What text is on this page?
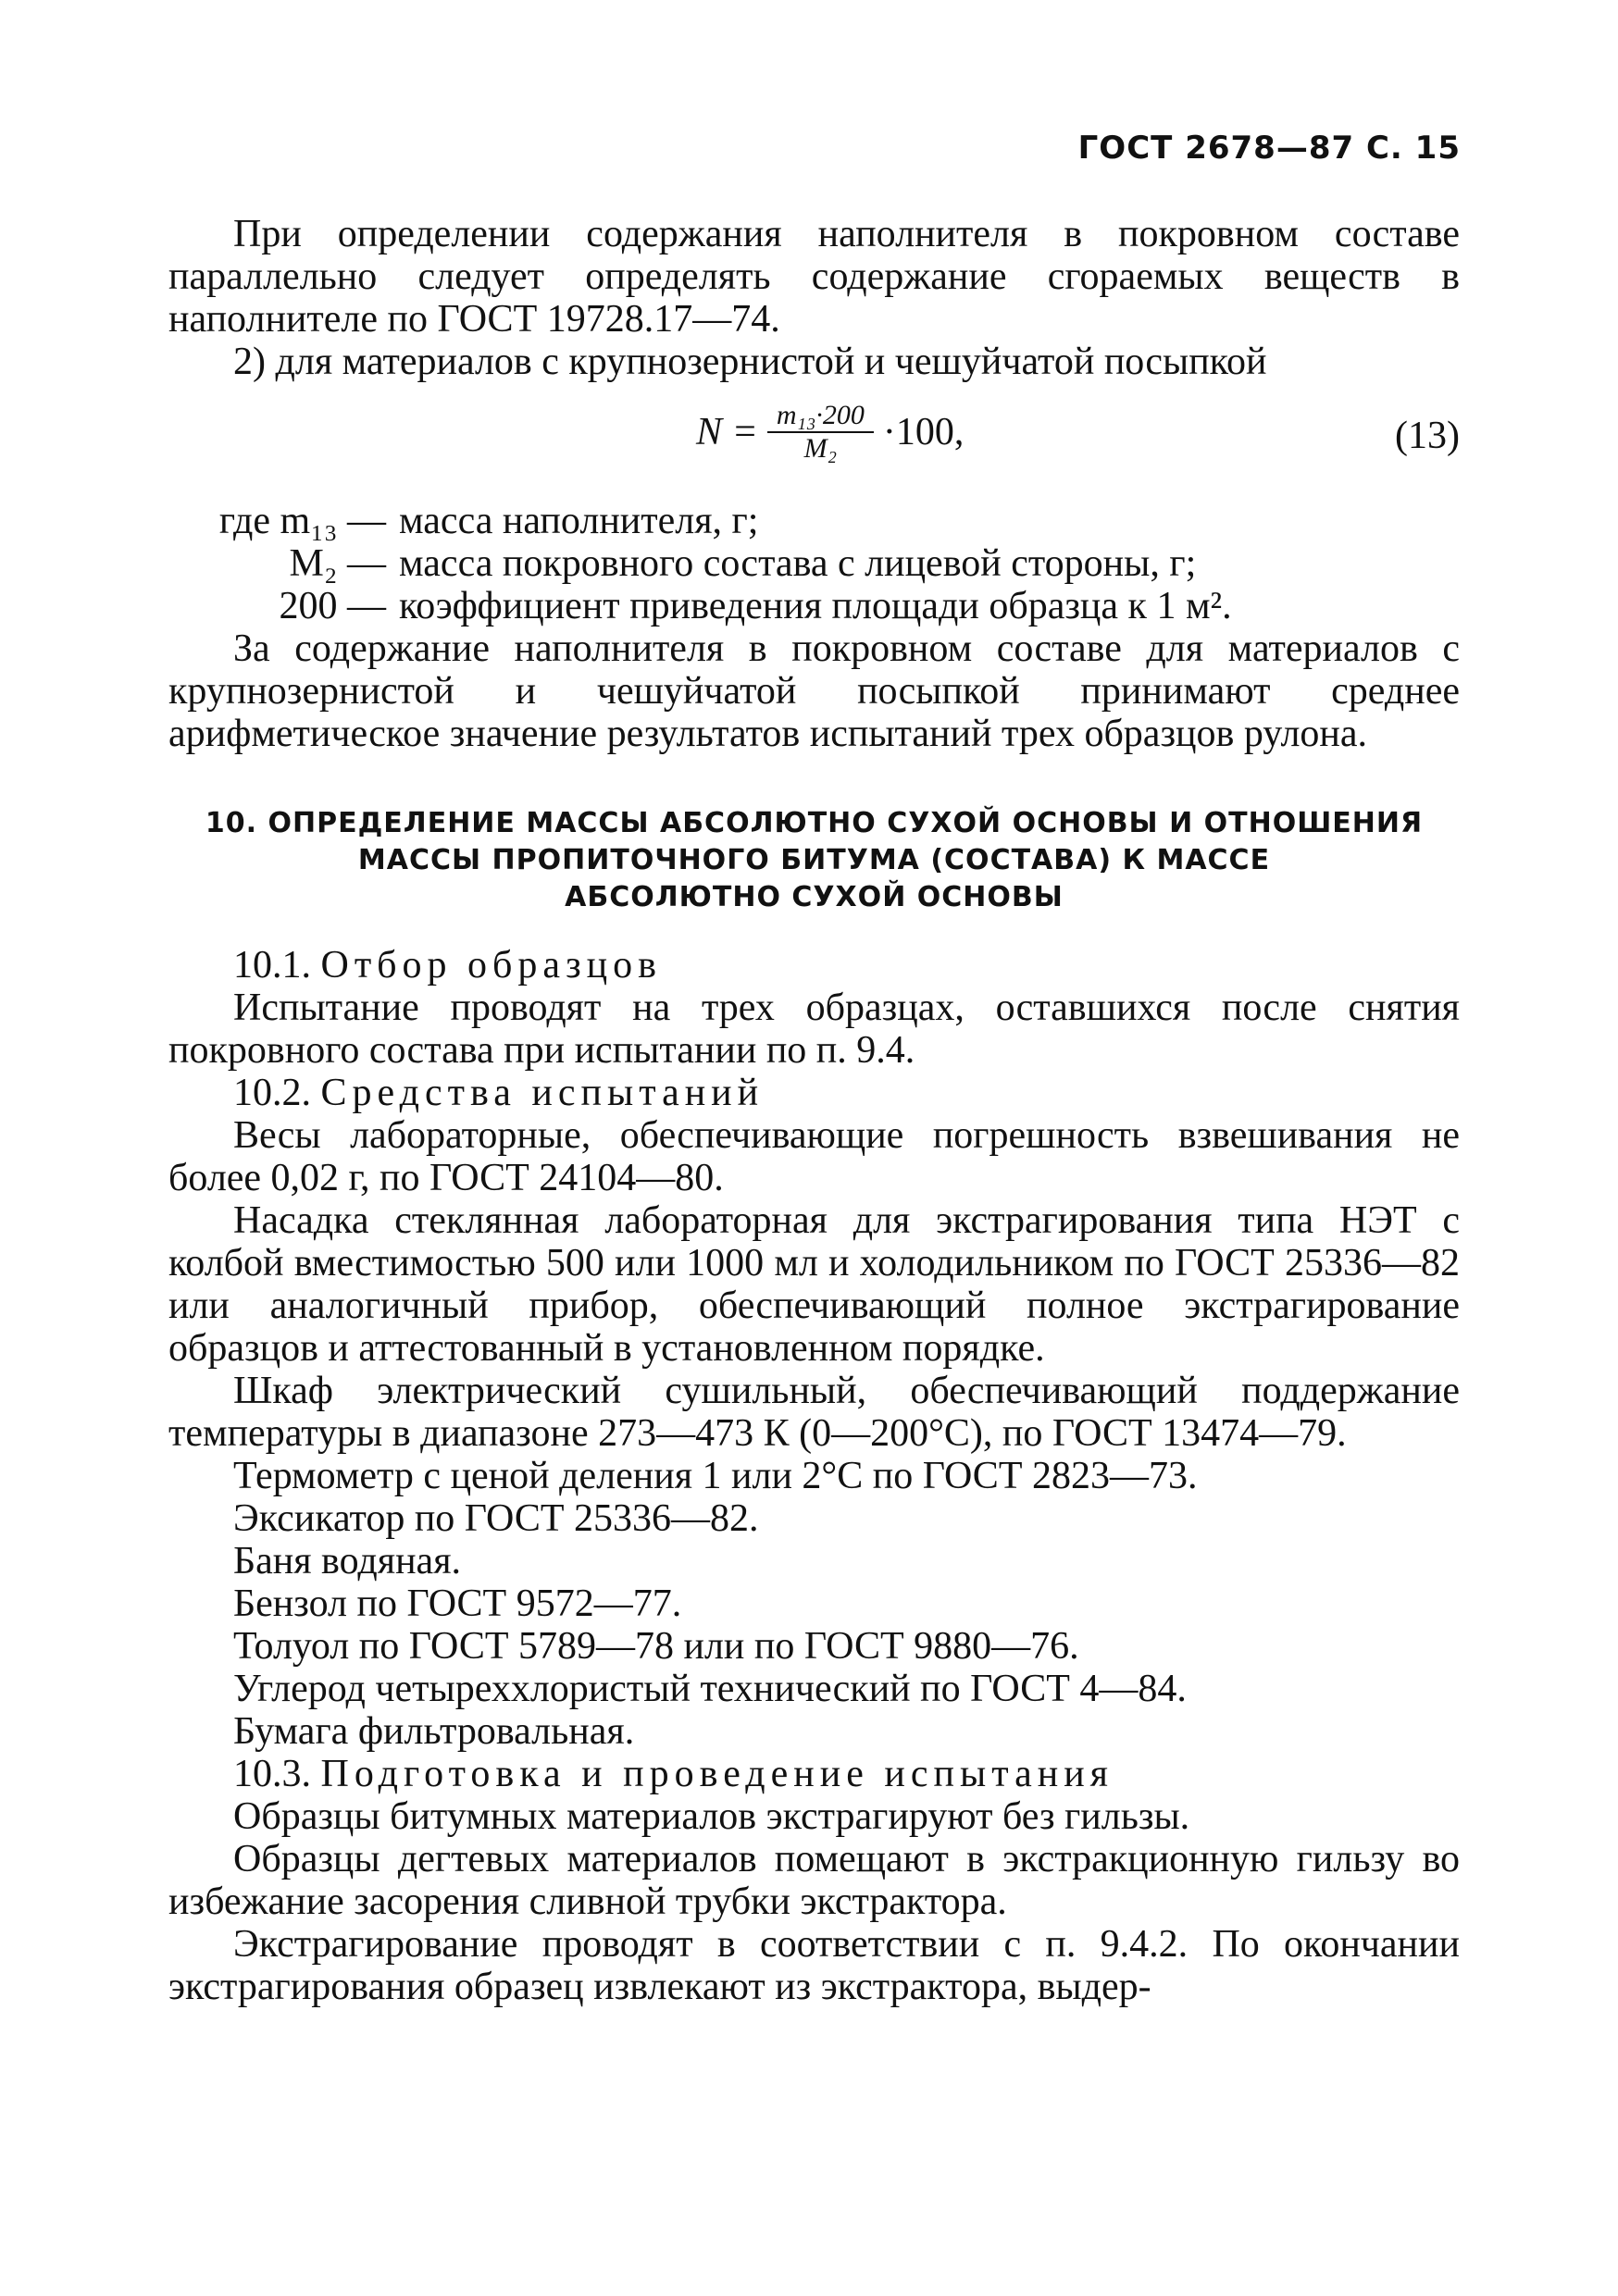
ГОСТ 2678—87 С. 15

При определении содержания наполнителя в покровном составе параллельно следует определять содержание сгораемых веществ в наполнителе по ГОСТ 19728.17—74.

2) для материалов с крупнозернистой и чешуйчатой посыпкой

$N = \frac{\text{m₁₃·200}}{\text{M₂}} \cdot 100$,	(13)
где m₁₃ — масса наполнителя, г;
M₂ — масса покровного состава с лицевой стороны, г;
200 — коэффициент приведения площади образца к 1 м².

За содержание наполнителя в покровном составе для материалов с крупнозернистой и чешуйчатой посыпкой принимают среднее арифметическое значение результатов испытаний трех образцов рулона.

10. ОПРЕДЕЛЕНИЕ МАССЫ АБСОЛЮТНО СУХОЙ ОСНОВЫ И ОТНОШЕНИЯ
МАССЫ ПРОПИТОЧНОГО БИТУМА (СОСТАВА) К МАССЕ
АБСОЛЮТНО СУХОЙ ОСНОВЫ

10.1. Отбор образцов

Испытание проводят на трех образцах, оставшихся после снятия покровного состава при испытании по п. 9.4.

10.2. Средства испытаний

Весы лабораторные, обеспечивающие погрешность взвешивания не более 0,02 г, по ГОСТ 24104—80.

Насадка стеклянная лабораторная для экстрагирования типа НЭТ с колбой вместимостью 500 или 1000 мл и холодильником по ГОСТ 25336—82 или аналогичный прибор, обеспечивающий полное экстрагирование образцов и аттестованный в установленном порядке.

Шкаф электрический сушильный, обеспечивающий поддержание температуры в диапазоне 273—473 К (0—200°С), по ГОСТ 13474—79.

Термометр с ценой деления 1 или 2°С по ГОСТ 2823—73.

Эксикатор по ГОСТ 25336—82.

Баня водяная.

Бензол по ГОСТ 9572—77.

Толуол по ГОСТ 5789—78 или по ГОСТ 9880—76.

Углерод четыреххлористый технический по ГОСТ 4—84.

Бумага фильтровальная.

10.3. Подготовка и проведение испытания

Образцы битумных материалов экстрагируют без гильзы.

Образцы дегтевых материалов помещают в экстракционную гильзу во избежание засорения сливной трубки экстрактора.

Экстрагирование проводят в соответствии с п. 9.4.2. По окончании экстрагирования образец извлекают из экстрактора, выдер-
